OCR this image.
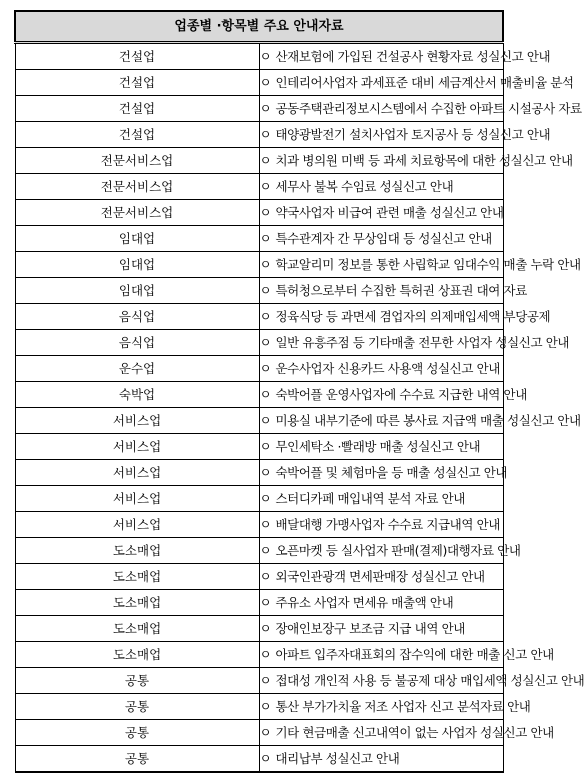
업종별 ·항목별 주요 안내자료	
건설업	ㅇ 산재보험에 가입된 건설공사 현황자료 성실신고 안내
건설업	ㅇ 인테리어사업자 과세표준 대비 세금계산서 매출비율 분석
건설업	ㅇ 공동주택관리정보시스템에서 수집한 아파트 시설공사 자료
건설업	ㅇ 태양광발전기 설치사업자 토지공사 등 성실신고 안내
전문서비스업	ㅇ 치과 병의원 미백 등 과세 치료항목에 대한 성실신고 안내
전문서비스업	ㅇ 세무사 불복 수임료 성실신고 안내
전문서비스업	ㅇ 약국사업자 비급여 관련 매출 성실신고 안내
임대업	ㅇ 특수관계자 간 무상임대 등 성실신고 안내
임대업	ㅇ 학교알리미 정보를 통한 사립학교 임대수익 매출 누락 안내
임대업	ㅇ 특허청으로부터 수집한 특허권 상표권 대여 자료
음식업	ㅇ 정육식당 등 과면세 겸업자의 의제매입세액 부당공제
음식업	ㅇ 일반 유흥주점 등 기타매출 전무한 사업자 성실신고 안내
운수업	ㅇ 운수사업자 신용카드 사용액 성실신고 안내
숙박업	ㅇ 숙박어플 운영사업자에 수수료 지급한 내역 안내
서비스업	ㅇ 미용실 내부기준에 따른 봉사료 지급액 매출 성실신고 안내
서비스업	ㅇ 무인세탁소 ·빨래방 매출 성실신고 안내
서비스업	ㅇ 숙박어플 및 체험마을 등 매출 성실신고 안내
서비스업	ㅇ 스터디카페 매입내역 분석 자료 안내
서비스업	ㅇ 배달대행 가맹사업자 수수료 지급내역 안내
도소매업	ㅇ 오픈마켓 등 실사업자 판매(결제)대행자료 안내
도소매업	ㅇ 외국인관광객 면세판매장 성실신고 안내
도소매업	ㅇ 주유소 사업자 면세유 매출액 안내
도소매업	ㅇ 장애인보장구 보조금 지급 내역 안내
도소매업	ㅇ 아파트 입주자대표회의 잡수익에 대한 매출 신고 안내
공통	ㅇ 접대성 개인적 사용 등 불공제 대상 매입세액 성실신고 안내
공통	ㅇ 통산 부가가치율 저조 사업자 신고 분석자료 안내
공통	ㅇ 기타 현금매출 신고내역이 없는 사업자 성실신고 안내
공통	ㅇ 대리납부 성실신고 안내
